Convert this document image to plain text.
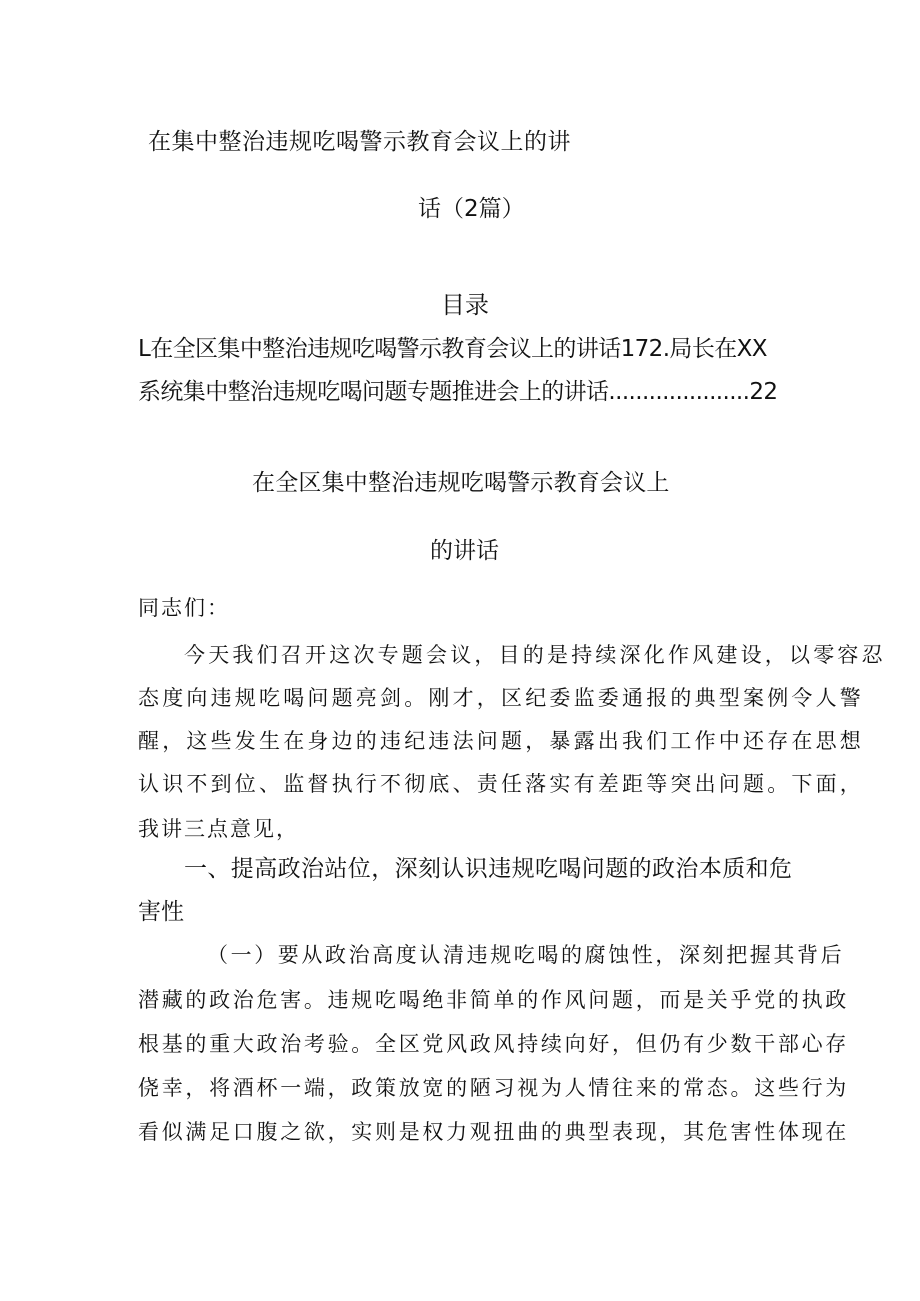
在集中整治违规吃喝警示教育会议上的讲
话（2篇）
目录
L在全区集中整治违规吃喝警示教育会议上的讲话172.局长在XX
系统集中整治违规吃喝问题专题推进会上的讲话.....................22
在全区集中整治违规吃喝警示教育会议上
的讲话
同志们：
今天我们召开这次专题会议，目的是持续深化作风建设，以零容忍
态度向违规吃喝问题亮剑。刚才，区纪委监委通报的典型案例令人警
醒，这些发生在身边的违纪违法问题，暴露出我们工作中还存在思想
认识不到位、监督执行不彻底、责任落实有差距等突出问题。下面，
我讲三点意见，
一、提高政治站位，深刻认识违规吃喝问题的政治本质和危
害性
（一）要从政治高度认清违规吃喝的腐蚀性，深刻把握其背后
潜藏的政治危害。违规吃喝绝非简单的作风问题，而是关乎党的执政
根基的重大政治考验。全区党风政风持续向好，但仍有少数干部心存
侥幸，将酒杯一端，政策放宽的陋习视为人情往来的常态。这些行为
看似满足口腹之欲，实则是权力观扭曲的典型表现，其危害性体现在
